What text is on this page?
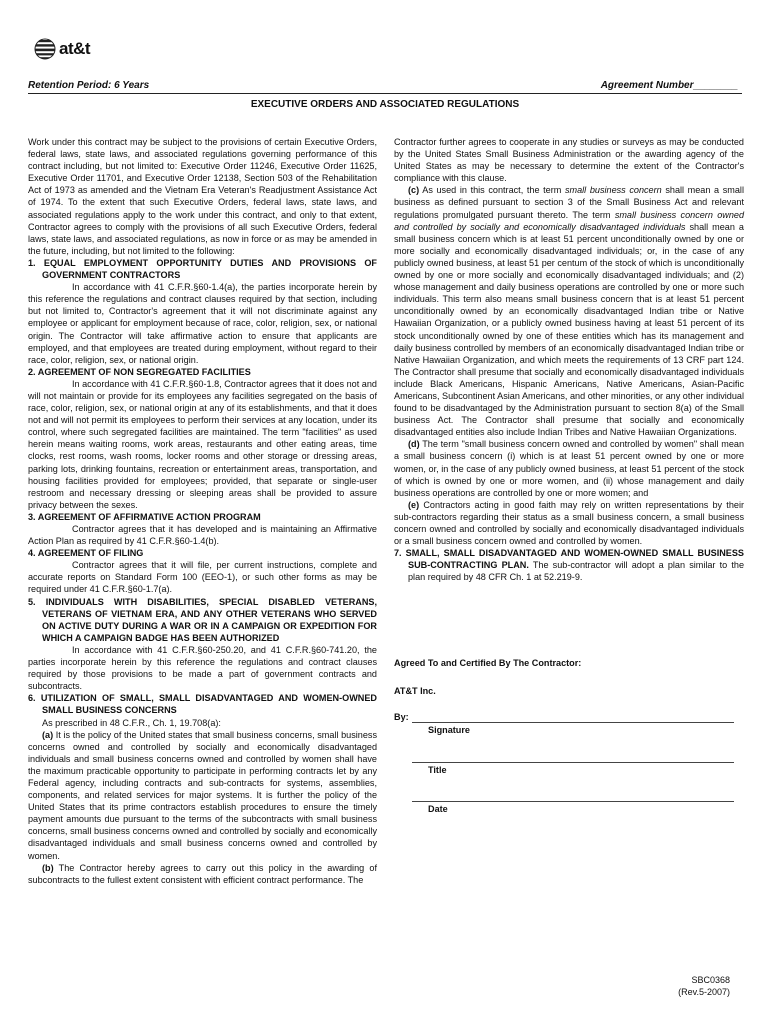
at&t
Retention Period: 6 Years	Agreement Number________
EXECUTIVE ORDERS AND ASSOCIATED REGULATIONS

Work under this contract may be subject to the provisions of certain Executive Orders, federal laws, state laws, and associated regulations governing performance of this contract including, but not limited to: Executive Order 11246, Executive Order 11625, Executive Order 11701, and Executive Order 12138, Section 503 of the Rehabilitation Act of 1973 as amended and the Vietnam Era Veteran's Readjustment Assistance Act of 1974. To the extent that such Executive Orders, federal laws, state laws, and associated regulations apply to the work under this contract, and only to that extent, Contractor agrees to comply with the provisions of all such Executive Orders, federal laws, state laws, and associated regulations, as now in force or as may be amended in the future, including, but not limited to the following:

1. EQUAL EMPLOYMENT OPPORTUNITY DUTIES AND PROVISIONS OF GOVERNMENT CONTRACTORS

In accordance with 41 C.F.R.§60-1.4(a), the parties incorporate herein by this reference the regulations and contract clauses required by that section, including but not limited to, Contractor's agreement that it will not discriminate against any employee or applicant for employment because of race, color, religion, sex, or national origin. The Contractor will take affirmative action to ensure that applicants are employed, and that employees are treated during employment, without regard to their race, color, religion, sex, or national origin.

2. AGREEMENT OF NON SEGREGATED FACILITIES

In accordance with 41 C.F.R.§60-1.8, Contractor agrees that it does not and will not maintain or provide for its employees any facilities segregated on the basis of race, color, religion, sex, or national origin at any of its establishments, and that it does not and will not permit its employees to perform their services at any location, under its control, where such segregated facilities are maintained. The term "facilities" as used herein means waiting rooms, work areas, restaurants and other eating areas, time clocks, rest rooms, wash rooms, locker rooms and other storage or dressing areas, parking lots, drinking fountains, recreation or entertainment areas, transportation, and housing facilities provided for employees; provided, that separate or single-user restroom and necessary dressing or sleeping areas shall be provided to assure privacy between the sexes.

3. AGREEMENT OF AFFIRMATIVE ACTION PROGRAM

Contractor agrees that it has developed and is maintaining an Affirmative Action Plan as required by 41 C.F.R.§60-1.4(b).

4. AGREEMENT OF FILING

Contractor agrees that it will file, per current instructions, complete and accurate reports on Standard Form 100 (EEO-1), or such other forms as may be required under 41 C.F.R.§60-1.7(a).

5. INDIVIDUALS WITH DISABILITIES, SPECIAL DISABLED VETERANS, VETERANS OF VIETNAM ERA, AND ANY OTHER VETERANS WHO SERVED ON ACTIVE DUTY DURING A WAR OR IN A CAMPAIGN OR EXPEDITION FOR WHICH A CAMPAIGN BADGE HAS BEEN AUTHORIZED

In accordance with 41 C.F.R.§60-250.20, and 41 C.F.R.§60-741.20, the parties incorporate herein by this reference the regulations and contract clauses required by those provisions to be made a part of government contracts and subcontracts.

6. UTILIZATION OF SMALL, SMALL DISADVANTAGED AND WOMEN-OWNED SMALL BUSINESS CONCERNS

As prescribed in 48 C.F.R., Ch. 1, 19.708(a):

(a) It is the policy of the United states that small business concerns, small business concerns owned and controlled by socially and economically disadvantaged individuals and small business concerns owned and controlled by women shall have the maximum practicable opportunity to participate in performing contracts let by any Federal agency, including contracts and sub-contracts for systems, assemblies, components, and related services for major systems. It is further the policy of the United States that its prime contractors establish procedures to ensure the timely payment amounts due pursuant to the terms of the subcontracts with small business concerns, small business concerns owned and controlled by socially and economically disadvantaged individuals and small business concerns owned and controlled by women.

(b) The Contractor hereby agrees to carry out this policy in the awarding of subcontracts to the fullest extent consistent with efficient contract performance. The

Contractor further agrees to cooperate in any studies or surveys as may be conducted by the United States Small Business Administration or the awarding agency of the United States as may be necessary to determine the extent of the Contractor's compliance with this clause.

(c) As used in this contract, the term small business concern shall mean a small business as defined pursuant to section 3 of the Small Business Act and relevant regulations promulgated pursuant thereto. The term small business concern owned and controlled by socially and economically disadvantaged individuals shall mean a small business concern which is at least 51 percent unconditionally owned by one or more socially and economically disadvantaged individuals; or, in the case of any publicly owned business, at least 51 per centum of the stock of which is unconditionally owned by one or more socially and economically disadvantaged individuals; and (2) whose management and daily business operations are controlled by one or more such individuals. This term also means small business concern that is at least 51 percent unconditionally owned by an economically disadvantaged Indian tribe or Native Hawaiian Organization, or a publicly owned business having at least 51 percent of its stock unconditionally owned by one of these entities which has its management and daily business controlled by members of an economically disadvantaged Indian tribe or Native Hawaiian Organization, and which meets the requirements of 13 CRF part 124. The Contractor shall presume that socially and economically disadvantaged individuals include Black Americans, Hispanic Americans, Native Americans, Asian-Pacific Americans, Subcontinent Asian Americans, and other minorities, or any other individual found to be disadvantaged by the Administration pursuant to section 8(a) of the Small business Act. The Contractor shall presume that socially and economically disadvantaged entities also include Indian Tribes and Native Hawaiian Organizations.

(d) The term "small business concern owned and controlled by women" shall mean a small business concern (i) which is at least 51 percent owned by one or more women, or, in the case of any publicly owned business, at least 51 percent of the stock of which is owned by one or more women, and (ii) whose management and daily business operations are controlled by one or more women; and

(e) Contractors acting in good faith may rely on written representations by their sub-contractors regarding their status as a small business concern, a small business concern owned and controlled by socially and economically disadvantaged individuals or a small business concern owned and controlled by women.

7. SMALL, SMALL DISADVANTAGED AND WOMEN-OWNED SMALL BUSINESS SUB-CONTRACTING PLAN. The sub-contractor will adopt a plan similar to the plan required by 48 CFR Ch. 1 at 52.219-9.

Agreed To and Certified By The Contractor:
AT&T Inc.
By:
Signature
Title
Date
SBC0368
(Rev.5-2007)
